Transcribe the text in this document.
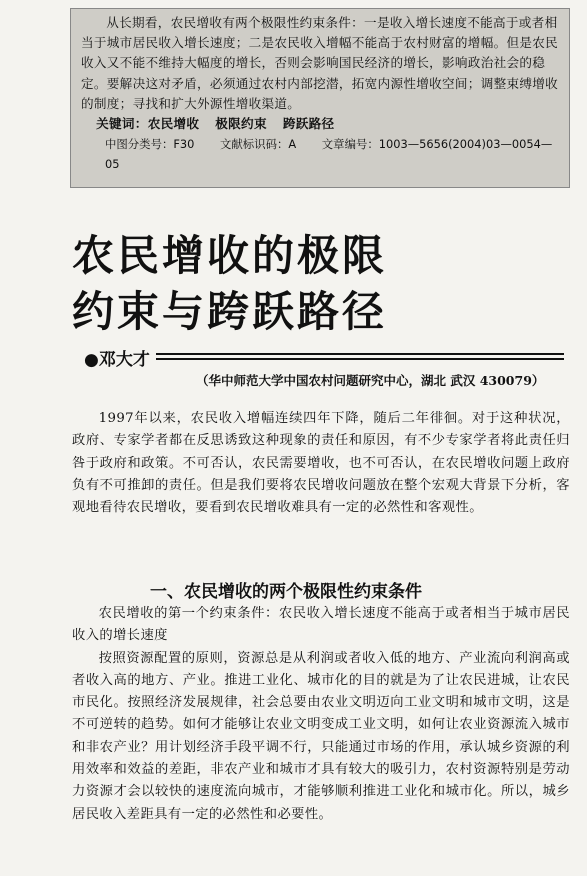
从长期看，农民增收有两个极限性约束条件：一是收入增长速度不能高于或者相当于城市居民收入增长速度；二是农民收入增幅不能高于农村财富的增幅。但是农民收入又不能不维持大幅度的增长，否则会影响国民经济的增长，影响政治社会的稳定。要解决这对矛盾，必须通过农村内部挖潜，拓宽内源性增收空间；调整束缚增收的制度；寻找和扩大外源性增收渠道。

关键词：农民增收 极限约束 跨跃路径
中图分类号：F30 文献标识码：A 文章编号：1003—5656(2004)03—0054—05
农民增收的极限
约束与跨跃路径
●邓大才
（华中师范大学中国农村问题研究中心，湖北 武汉 430079）

1997年以来，农民收入增幅连续四年下降，随后二年徘徊。对于这种状况，政府、专家学者都在反思诱致这种现象的责任和原因，有不少专家学者将此责任归咎于政府和政策。不可否认，农民需要增收，也不可否认，在农民增收问题上政府负有不可推卸的责任。但是我们要将农民增收问题放在整个宏观大背景下分析，客观地看待农民增收，要看到农民增收难具有一定的必然性和客观性。

一、农民增收的两个极限性约束条件

农民增收的第一个约束条件：农民收入增长速度不能高于或者相当于城市居民收入的增长速度

按照资源配置的原则，资源总是从利润或者收入低的地方、产业流向利润高或者收入高的地方、产业。推进工业化、城市化的目的就是为了让农民进城，让农民市民化。按照经济发展规律，社会总要由农业文明迈向工业文明和城市文明，这是不可逆转的趋势。如何才能够让农业文明变成工业文明，如何让农业资源流入城市和非农产业？用计划经济手段平调不行，只能通过市场的作用，承认城乡资源的利用效率和效益的差距，非农产业和城市才具有较大的吸引力，农村资源特别是劳动力资源才会以较快的速度流向城市，才能够顺利推进工业化和城市化。所以，城乡居民收入差距具有一定的必然性和必要性。
